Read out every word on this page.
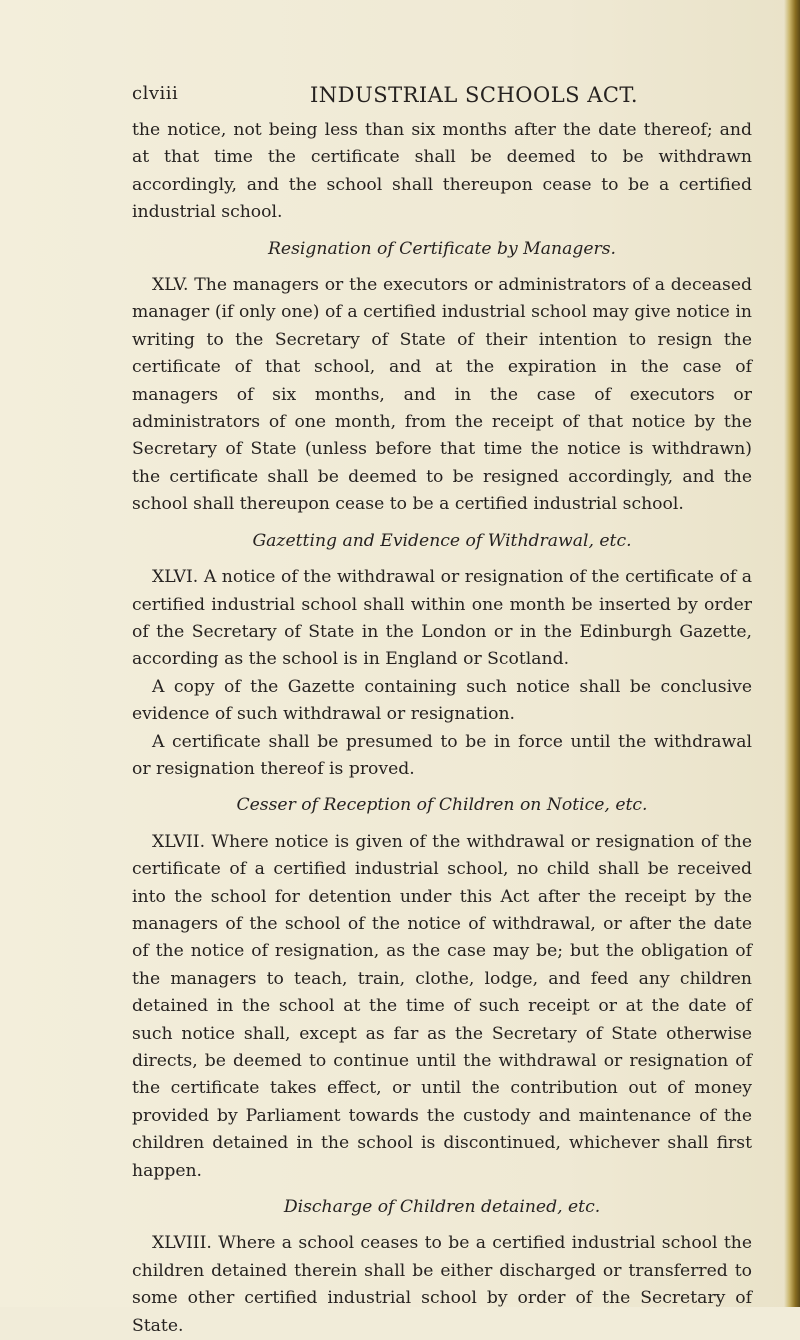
clviii	INDUSTRIAL SCHOOLS ACT.

the notice, not being less than six months after the date thereof; and at that time the certificate shall be deemed to be withdrawn accordingly, and the school shall thereupon cease to be a certified industrial school.

Resignation of Certificate by Managers.

XLV. The managers or the executors or administrators of a deceased manager (if only one) of a certified industrial school may give notice in writing to the Secretary of State of their intention to resign the certificate of that school, and at the expiration in the case of managers of six months, and in the case of executors or administrators of one month, from the receipt of that notice by the Secretary of State (unless before that time the notice is withdrawn) the certificate shall be deemed to be resigned accordingly, and the school shall thereupon cease to be a certified industrial school.

Gazetting and Evidence of Withdrawal, etc.

XLVI. A notice of the withdrawal or resignation of the certificate of a certified industrial school shall within one month be inserted by order of the Secretary of State in the London or in the Edinburgh Gazette, according as the school is in England or Scotland.

A copy of the Gazette containing such notice shall be conclusive evidence of such withdrawal or resignation.

A certificate shall be presumed to be in force until the withdrawal or resignation thereof is proved.

Cesser of Reception of Children on Notice, etc.

XLVII. Where notice is given of the withdrawal or resignation of the certificate of a certified industrial school, no child shall be received into the school for detention under this Act after the receipt by the managers of the school of the notice of withdrawal, or after the date of the notice of resignation, as the case may be; but the obligation of the managers to teach, train, clothe, lodge, and feed any children detained in the school at the time of such receipt or at the date of such notice shall, except as far as the Secretary of State otherwise directs, be deemed to continue until the withdrawal or resignation of the certificate takes effect, or until the contribution out of money provided by Parliament towards the custody and maintenance of the children detained in the school is discontinued, whichever shall first happen.

Discharge of Children detained, etc.

XLVIII. Where a school ceases to be a certified industrial school the children detained therein shall be either discharged or transferred to some other certified industrial school by order of the Secretary of State.
